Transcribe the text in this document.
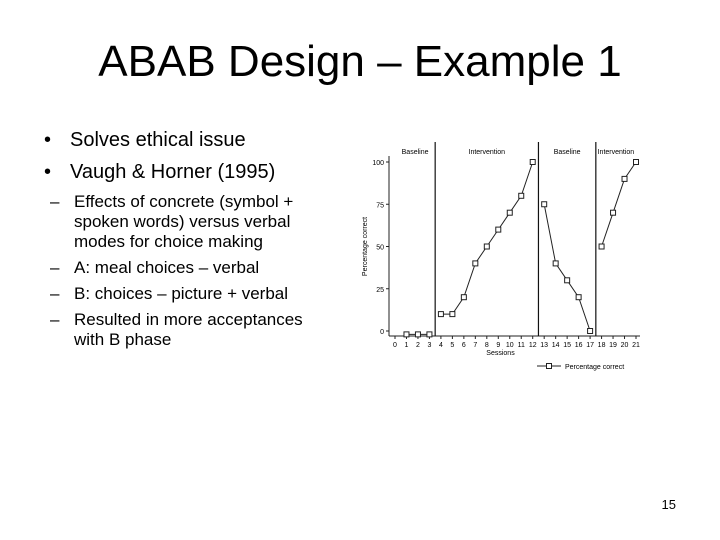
ABAB Design – Example 1
• Solves ethical issue
• Vaugh & Horner (1995)
– Effects of concrete (symbol + spoken words) versus verbal modes for choice making
– A: meal choices – verbal
– B: choices – picture + verbal
– Resulted in more acceptances with B phase	0
25
50
75
100
0 1 2 3 4 5 6 7 8 9 10 11 12 13 14 15 16 17 18 19 20 21
Sessions
Percentage correct
Baseline	Intervention	Baseline Intervention
Percentage correct
15
